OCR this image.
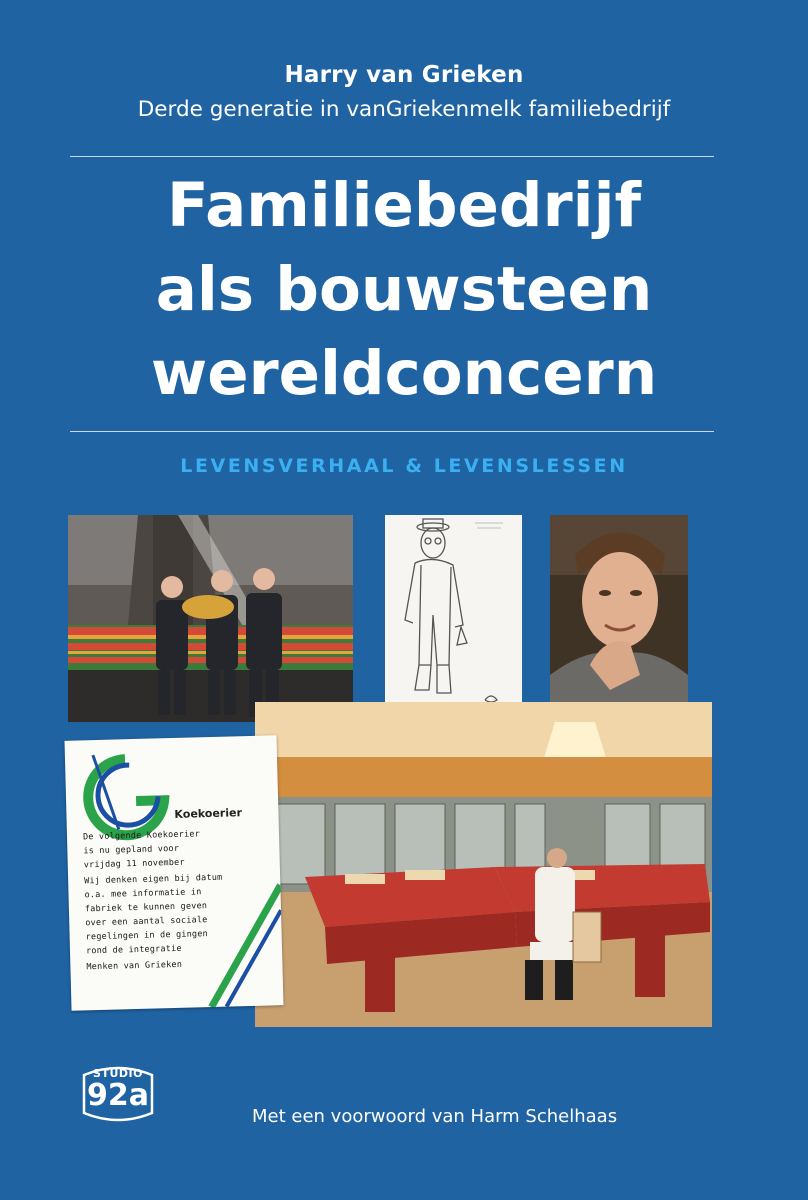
Harry van Grieken
Derde generatie in vanGriekenmelk familiebedrijf
Familiebedrijf
als bouwsteen
wereldconcern
LEVENSVERHAAL & LEVENSLESSEN
Koekoerier
De volgende Koekoerier
is nu gepland voor
vrijdag 11 november
Wij denken eigen bij datum
o.a. mee informatie in
fabriek te kunnen geven
over een aantal sociale
regelingen in de gingen
rond de integratie
Menken van Grieken
STUDIO
92a
Met een voorwoord van Harm Schelhaas
